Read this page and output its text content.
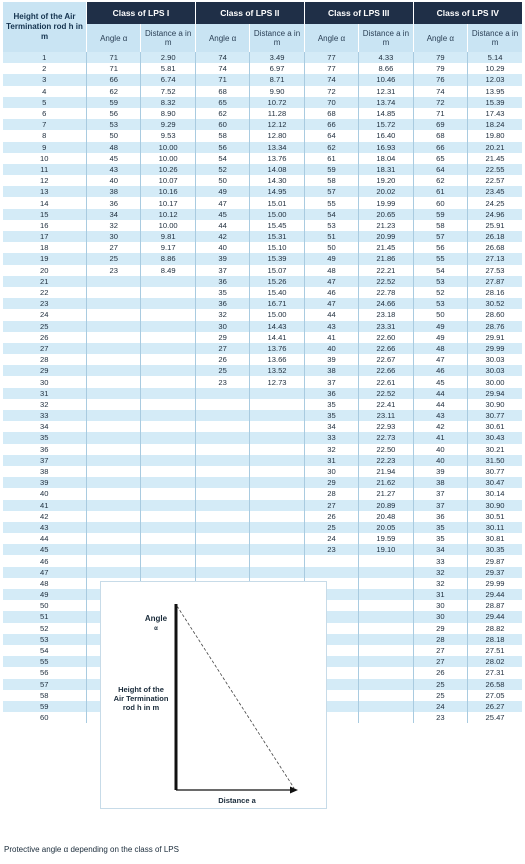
Height of the Air Termination rod h in m	Class of LPS I		Class of LPS II		Class of LPS III		Class of LPS IV	
	Angle α	Distance a in m	Angle α	Distance a in m	Angle α	Distance a in m	Angle α	Distance a in m
1	71	2.90	74	3.49	77	4.33	79	5.14
2	71	5.81	74	6.97	77	8.66	79	10.29
3	66	6.74	71	8.71	74	10.46	76	12.03
4	62	7.52	68	9.90	72	12.31	74	13.95
5	59	8.32	65	10.72	70	13.74	72	15.39
6	56	8.90	62	11.28	68	14.85	71	17.43
7	53	9.29	60	12.12	66	15.72	69	18.24
8	50	9.53	58	12.80	64	16.40	68	19.80
9	48	10.00	56	13.34	62	16.93	66	20.21
10	45	10.00	54	13.76	61	18.04	65	21.45
11	43	10.26	52	14.08	59	18.31	64	22.55
12	40	10.07	50	14.30	58	19.20	62	22.57
13	38	10.16	49	14.95	57	20.02	61	23.45
14	36	10.17	47	15.01	55	19.99	60	24.25
15	34	10.12	45	15.00	54	20.65	59	24.96
16	32	10.00	44	15.45	53	21.23	58	25.91
17	30	9.81	42	15.31	51	20.99	57	26.18
18	27	9.17	40	15.10	50	21.45	56	26.68
19	25	8.86	39	15.39	49	21.86	55	27.13
20	23	8.49	37	15.07	48	22.21	54	27.53
21			36	15.26	47	22.52	53	27.87
22			35	15.40	46	22.78	52	28.16
23			36	16.71	47	24.66	53	30.52
24			32	15.00	44	23.18	50	28.60
25			30	14.43	43	23.31	49	28.76
26			29	14.41	41	22.60	49	29.91
27			27	13.76	40	22.66	48	29.99
28			26	13.66	39	22.67	47	30.03
29			25	13.52	38	22.66	46	30.03
30			23	12.73	37	22.61	45	30.00
31					36	22.52	44	29.94
32					35	22.41	44	30.90
33					35	23.11	43	30.77
34					34	22.93	42	30.61
35					33	22.73	41	30.43
36					32	22.50	40	30.21
37					31	22.23	40	31.50
38					30	21.94	39	30.77
39					29	21.62	38	30.47
40					28	21.27	37	30.14
41					27	20.89	37	30.90
42					26	20.48	36	30.51
43					25	20.05	35	30.11
44					24	19.59	35	30.81
45					23	19.10	34	30.35
46							33	29.87
47							32	29.37
48							32	29.99
49							31	29.44
50							30	28.87
51							30	29.44
52							29	28.82
53							28	28.18
54							27	27.51
55							27	28.02
56							26	27.31
57							25	26.58
58							25	27.05
59							24	26.27
60							23	25.47
Angle
α
Height of the
Air Termination
rod h in m
Distance a
Protective angle α depending on the class of LPS
